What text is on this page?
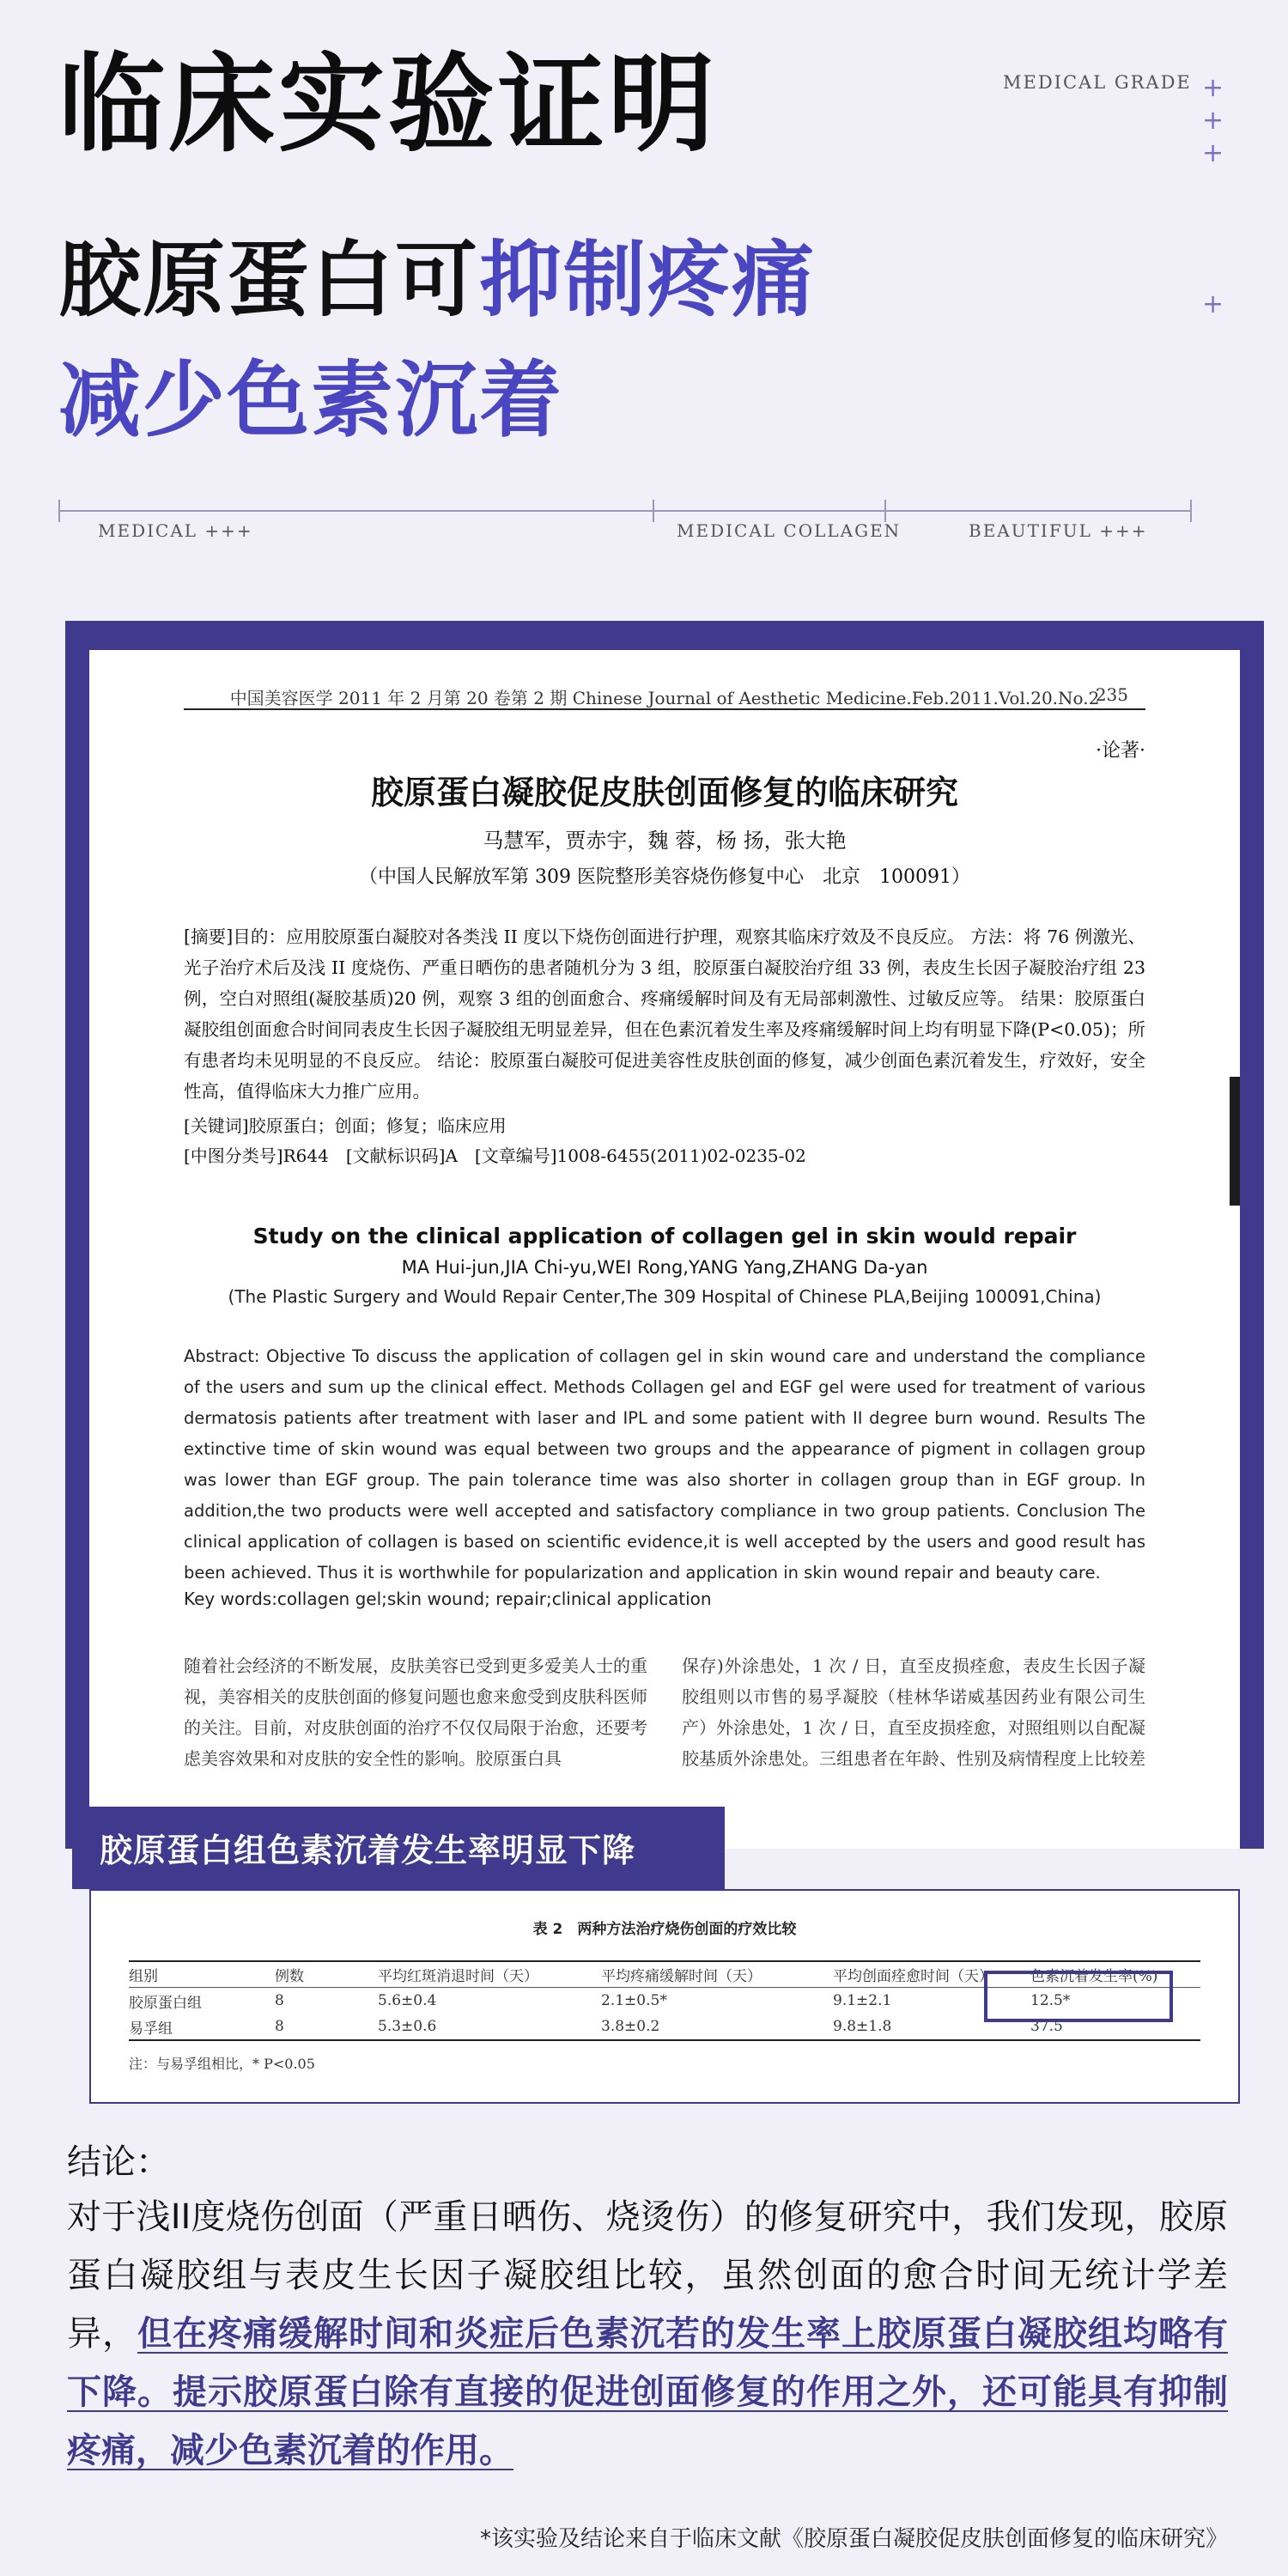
临床实验证明	MEDICAL GRADE +
+
+
+
胶原蛋白可抑制疼痛
减少色素沉着
MEDICAL +++	MEDICAL COLLAGEN	BEAUTIFUL +++
中国美容医学 2011 年 2 月第 20 卷第 2 期 Chinese Journal of Aesthetic Medicine.Feb.2011.Vol.20.No.2
235
·论著·
胶原蛋白凝胶促皮肤创面修复的临床研究
马慧军，贾赤宇，魏 蓉，杨 扬，张大艳
（中国人民解放军第 309 医院整形美容烧伤修复中心　北京　100091）
[摘要]目的：应用胶原蛋白凝胶对各类浅 II 度以下烧伤创面进行护理，观察其临床疗效及不良反应。 方法：将 76 例激光、光子治疗术后及浅 II 度烧伤、严重日晒伤的患者随机分为 3 组，胶原蛋白凝胶治疗组 33 例，表皮生长因子凝胶治疗组 23 例，空白对照组(凝胶基质)20 例，观察 3 组的创面愈合、疼痛缓解时间及有无局部刺激性、过敏反应等。 结果：胶原蛋白凝胶组创面愈合时间同表皮生长因子凝胶组无明显差异，但在色素沉着发生率及疼痛缓解时间上均有明显下降(P<0.05)；所有患者均未见明显的不良反应。 结论：胶原蛋白凝胶可促进美容性皮肤创面的修复，减少创面色素沉着发生，疗效好，安全性高，值得临床大力推广应用。
[关键词]胶原蛋白；创面；修复；临床应用
[中图分类号]R644　[文献标识码]A　[文章编号]1008-6455(2011)02-0235-02
Study on the clinical application of collagen gel in skin would repair
MA Hui-jun,JIA Chi-yu,WEI Rong,YANG Yang,ZHANG Da-yan
(The Plastic Surgery and Would Repair Center,The 309 Hospital of Chinese PLA,Beijing 100091,China)
Abstract: Objective To discuss the application of collagen gel in skin wound care and understand the compliance of the users and sum up the clinical effect. Methods Collagen gel and EGF gel were used for treatment of various dermatosis patients after treatment with laser and IPL and some patient with II degree burn wound. Results The extinctive time of skin wound was equal between two groups and the appearance of pigment in collagen group was lower than EGF group. The pain tolerance time was also shorter in collagen group than in EGF group. In addition,the two products were well accepted and satisfactory compliance in two group patients. Conclusion The clinical application of collagen is based on scientific evidence,it is well accepted by the users and good result has been achieved. Thus it is worthwhile for popularization and application in skin wound repair and beauty care.
Key words:collagen gel;skin wound; repair;clinical application
随着社会经济的不断发展，皮肤美容已受到更多爱美人士的重视，美容相关的皮肤创面的修复问题也愈来愈受到皮肤科医师的关注。目前，对皮肤创面的治疗不仅仅局限于治愈，还要考虑美容效果和对皮肤的安全性的影响。胶原蛋白具
保存)外涂患处，1 次 / 日，直至皮损痊愈，表皮生长因子凝胶组则以市售的易孚凝胶（桂林华诺威基因药业有限公司生产）外涂患处，1 次 / 日，直至皮损痊愈，对照组则以自配凝胶基质外涂患处。三组患者在年龄、性别及病情程度上比较差
表 2　两种方法治疗烧伤创面的疗效比较
组别	例数	平均红斑消退时间（天）	平均疼痛缓解时间（天）	平均创面痊愈时间（天）	色素沉着发生率(%)
胶原蛋白组	8	5.6±0.4	2.1±0.5*	9.1±2.1	12.5*
易孚组	8	5.3±0.6	3.8±0.2	9.8±1.8	37.5
注：与易孚组相比，* P<0.05
胶原蛋白组色素沉着发生率明显下降
结论：
对于浅II度烧伤创面（严重日晒伤、烧烫伤）的修复研究中，我们发现，胶原蛋白凝胶组与表皮生长因子凝胶组比较，虽然创面的愈合时间无统计学差异，但在疼痛缓解时间和炎症后色素沉若的发生率上胶原蛋白凝胶组均略有下降。提示胶原蛋白除有直接的促进创面修复的作用之外，还可能具有抑制疼痛，减少色素沉着的作用。
*该实验及结论来自于临床文献《胶原蛋白凝胶促皮肤创面修复的临床研究》
